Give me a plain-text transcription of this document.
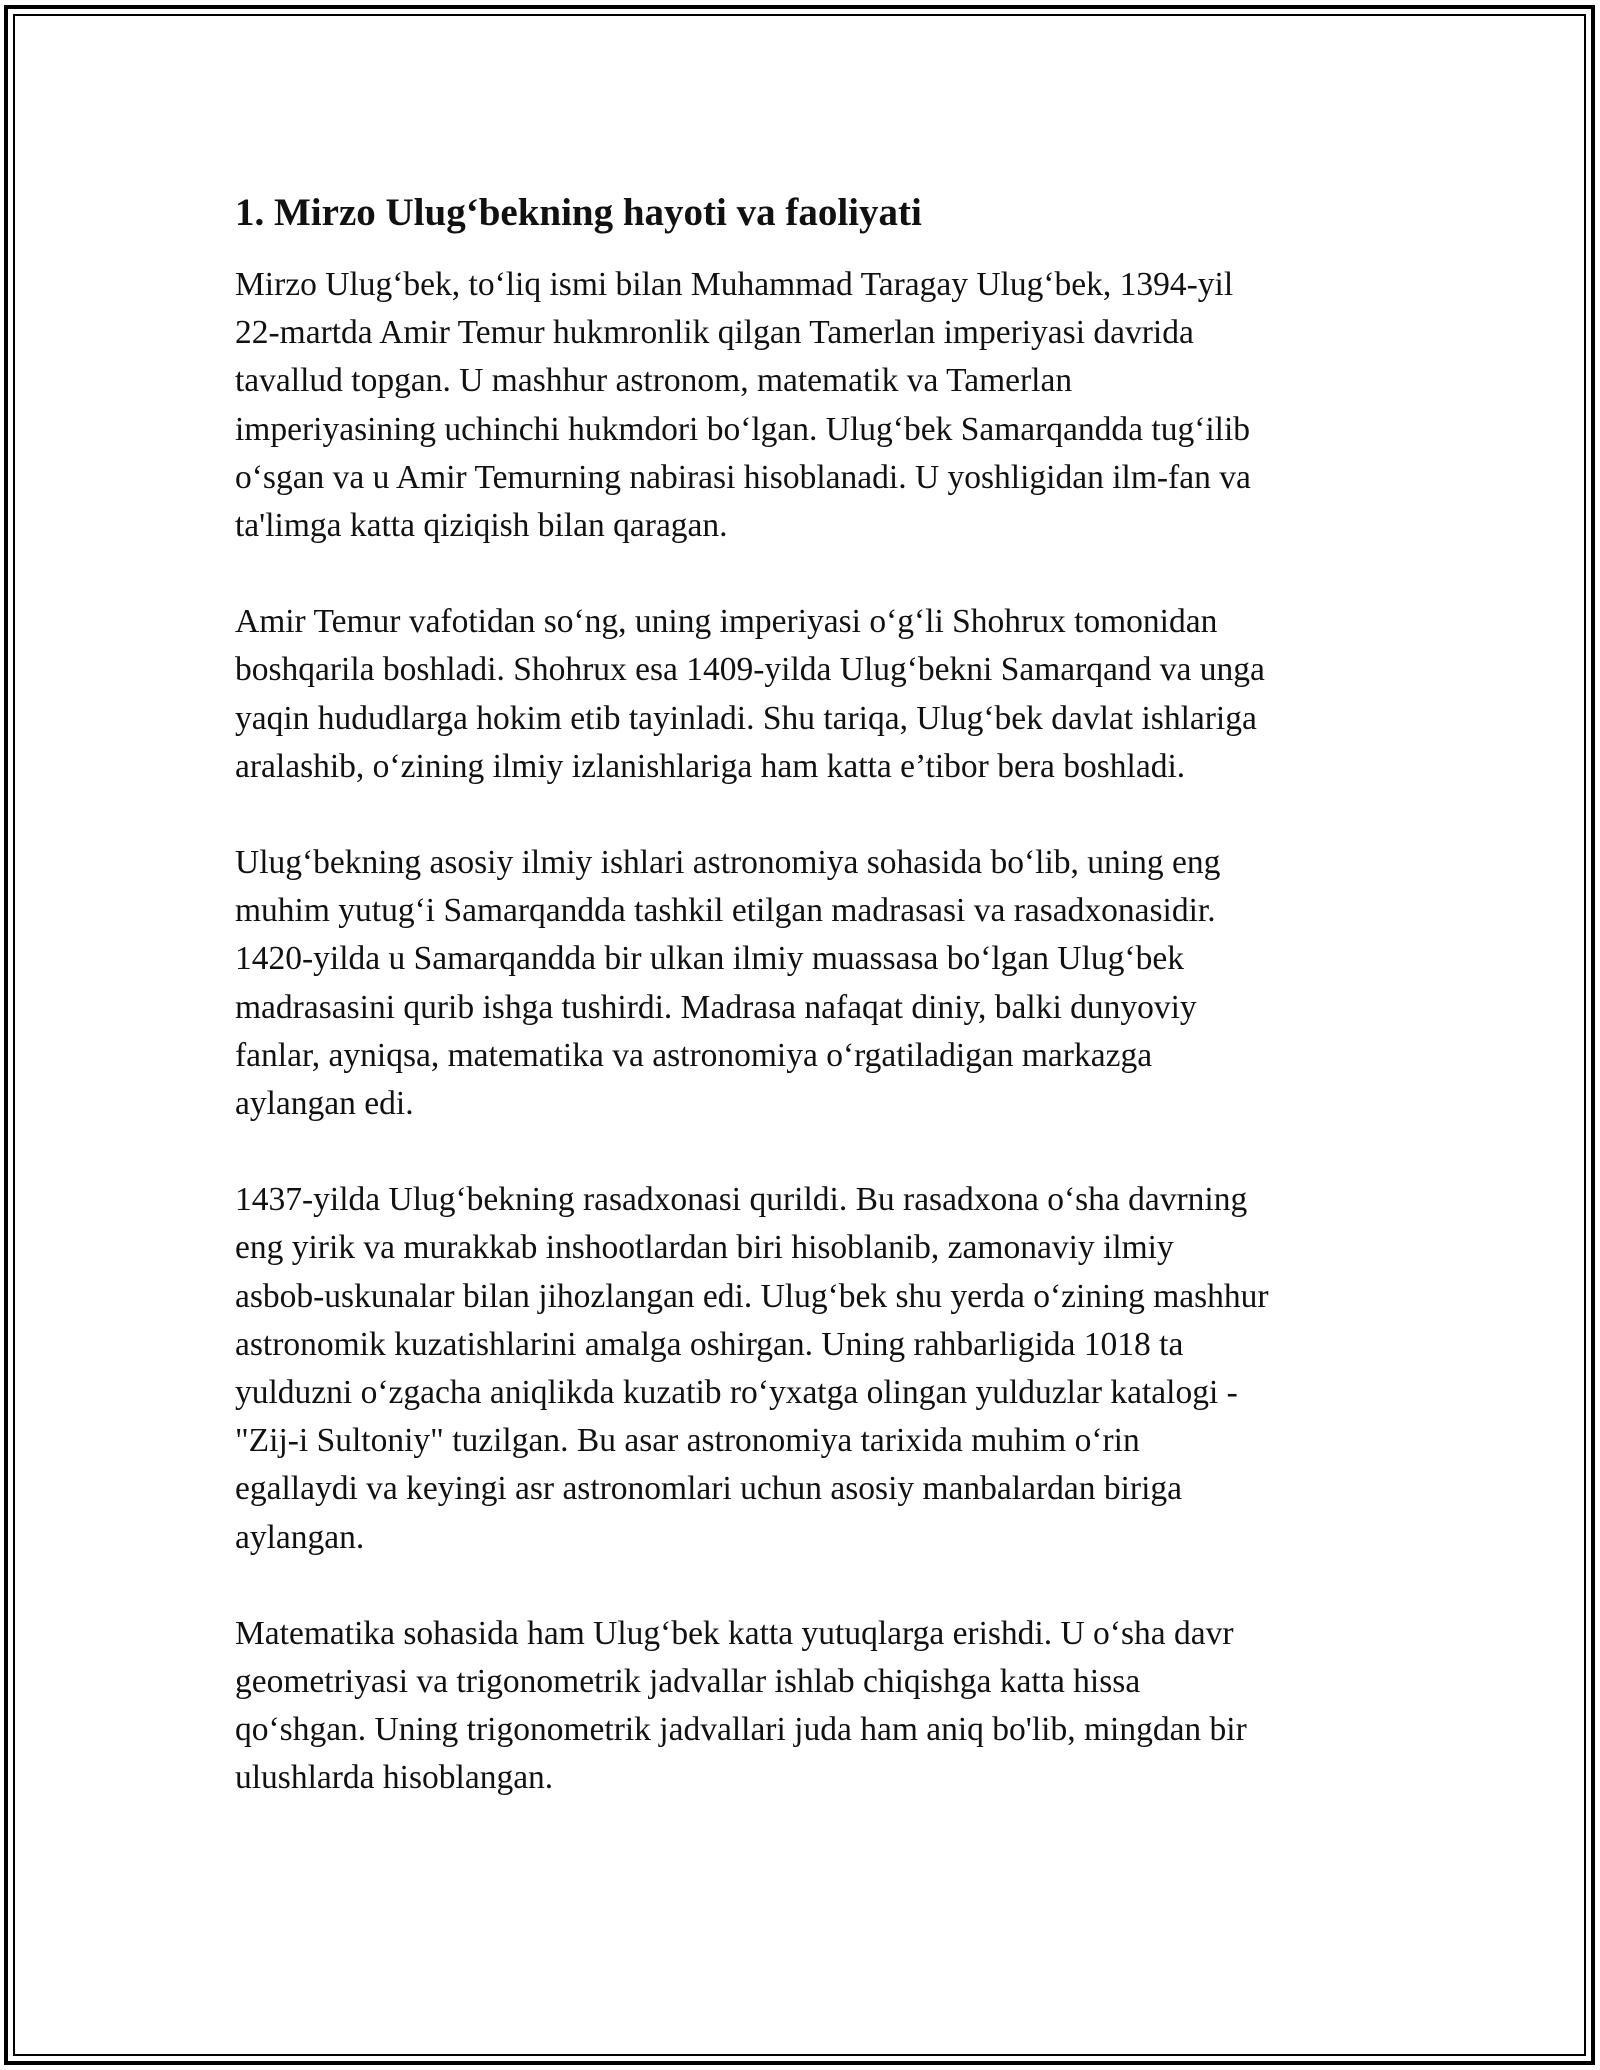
1. Mirzo Ulug‘bekning hayoti va faoliyati

Mirzo Ulug‘bek, to‘liq ismi bilan Muhammad Taragay Ulug‘bek, 1394-yil
22-martda Amir Temur hukmronlik qilgan Tamerlan imperiyasi davrida
tavallud topgan. U mashhur astronom, matematik va Tamerlan
imperiyasining uchinchi hukmdori bo‘lgan. Ulug‘bek Samarqandda tug‘ilib
o‘sgan va u Amir Temurning nabirasi hisoblanadi. U yoshligidan ilm-fan va
ta'limga katta qiziqish bilan qaragan.

Amir Temur vafotidan so‘ng, uning imperiyasi o‘g‘li Shohrux tomonidan
boshqarila boshladi. Shohrux esa 1409-yilda Ulug‘bekni Samarqand va unga
yaqin hududlarga hokim etib tayinladi. Shu tariqa, Ulug‘bek davlat ishlariga
aralashib, o‘zining ilmiy izlanishlariga ham katta e’tibor bera boshladi.

Ulug‘bekning asosiy ilmiy ishlari astronomiya sohasida bo‘lib, uning eng
muhim yutug‘i Samarqandda tashkil etilgan madrasasi va rasadxonasidir.
1420-yilda u Samarqandda bir ulkan ilmiy muassasa bo‘lgan Ulug‘bek
madrasasini qurib ishga tushirdi. Madrasa nafaqat diniy, balki dunyoviy
fanlar, ayniqsa, matematika va astronomiya o‘rgatiladigan markazga
aylangan edi.

1437-yilda Ulug‘bekning rasadxonasi qurildi. Bu rasadxona o‘sha davrning
eng yirik va murakkab inshootlardan biri hisoblanib, zamonaviy ilmiy
asbob-uskunalar bilan jihozlangan edi. Ulug‘bek shu yerda o‘zining mashhur
astronomik kuzatishlarini amalga oshirgan. Uning rahbarligida 1018 ta
yulduzni o‘zgacha aniqlikda kuzatib ro‘yxatga olingan yulduzlar katalogi -
"Zij-i Sultoniy" tuzilgan. Bu asar astronomiya tarixida muhim o‘rin
egallaydi va keyingi asr astronomlari uchun asosiy manbalardan biriga
aylangan.

Matematika sohasida ham Ulug‘bek katta yutuqlarga erishdi. U o‘sha davr
geometriyasi va trigonometrik jadvallar ishlab chiqishga katta hissa
qo‘shgan. Uning trigonometrik jadvallari juda ham aniq bo'lib, mingdan bir
ulushlarda hisoblangan.
